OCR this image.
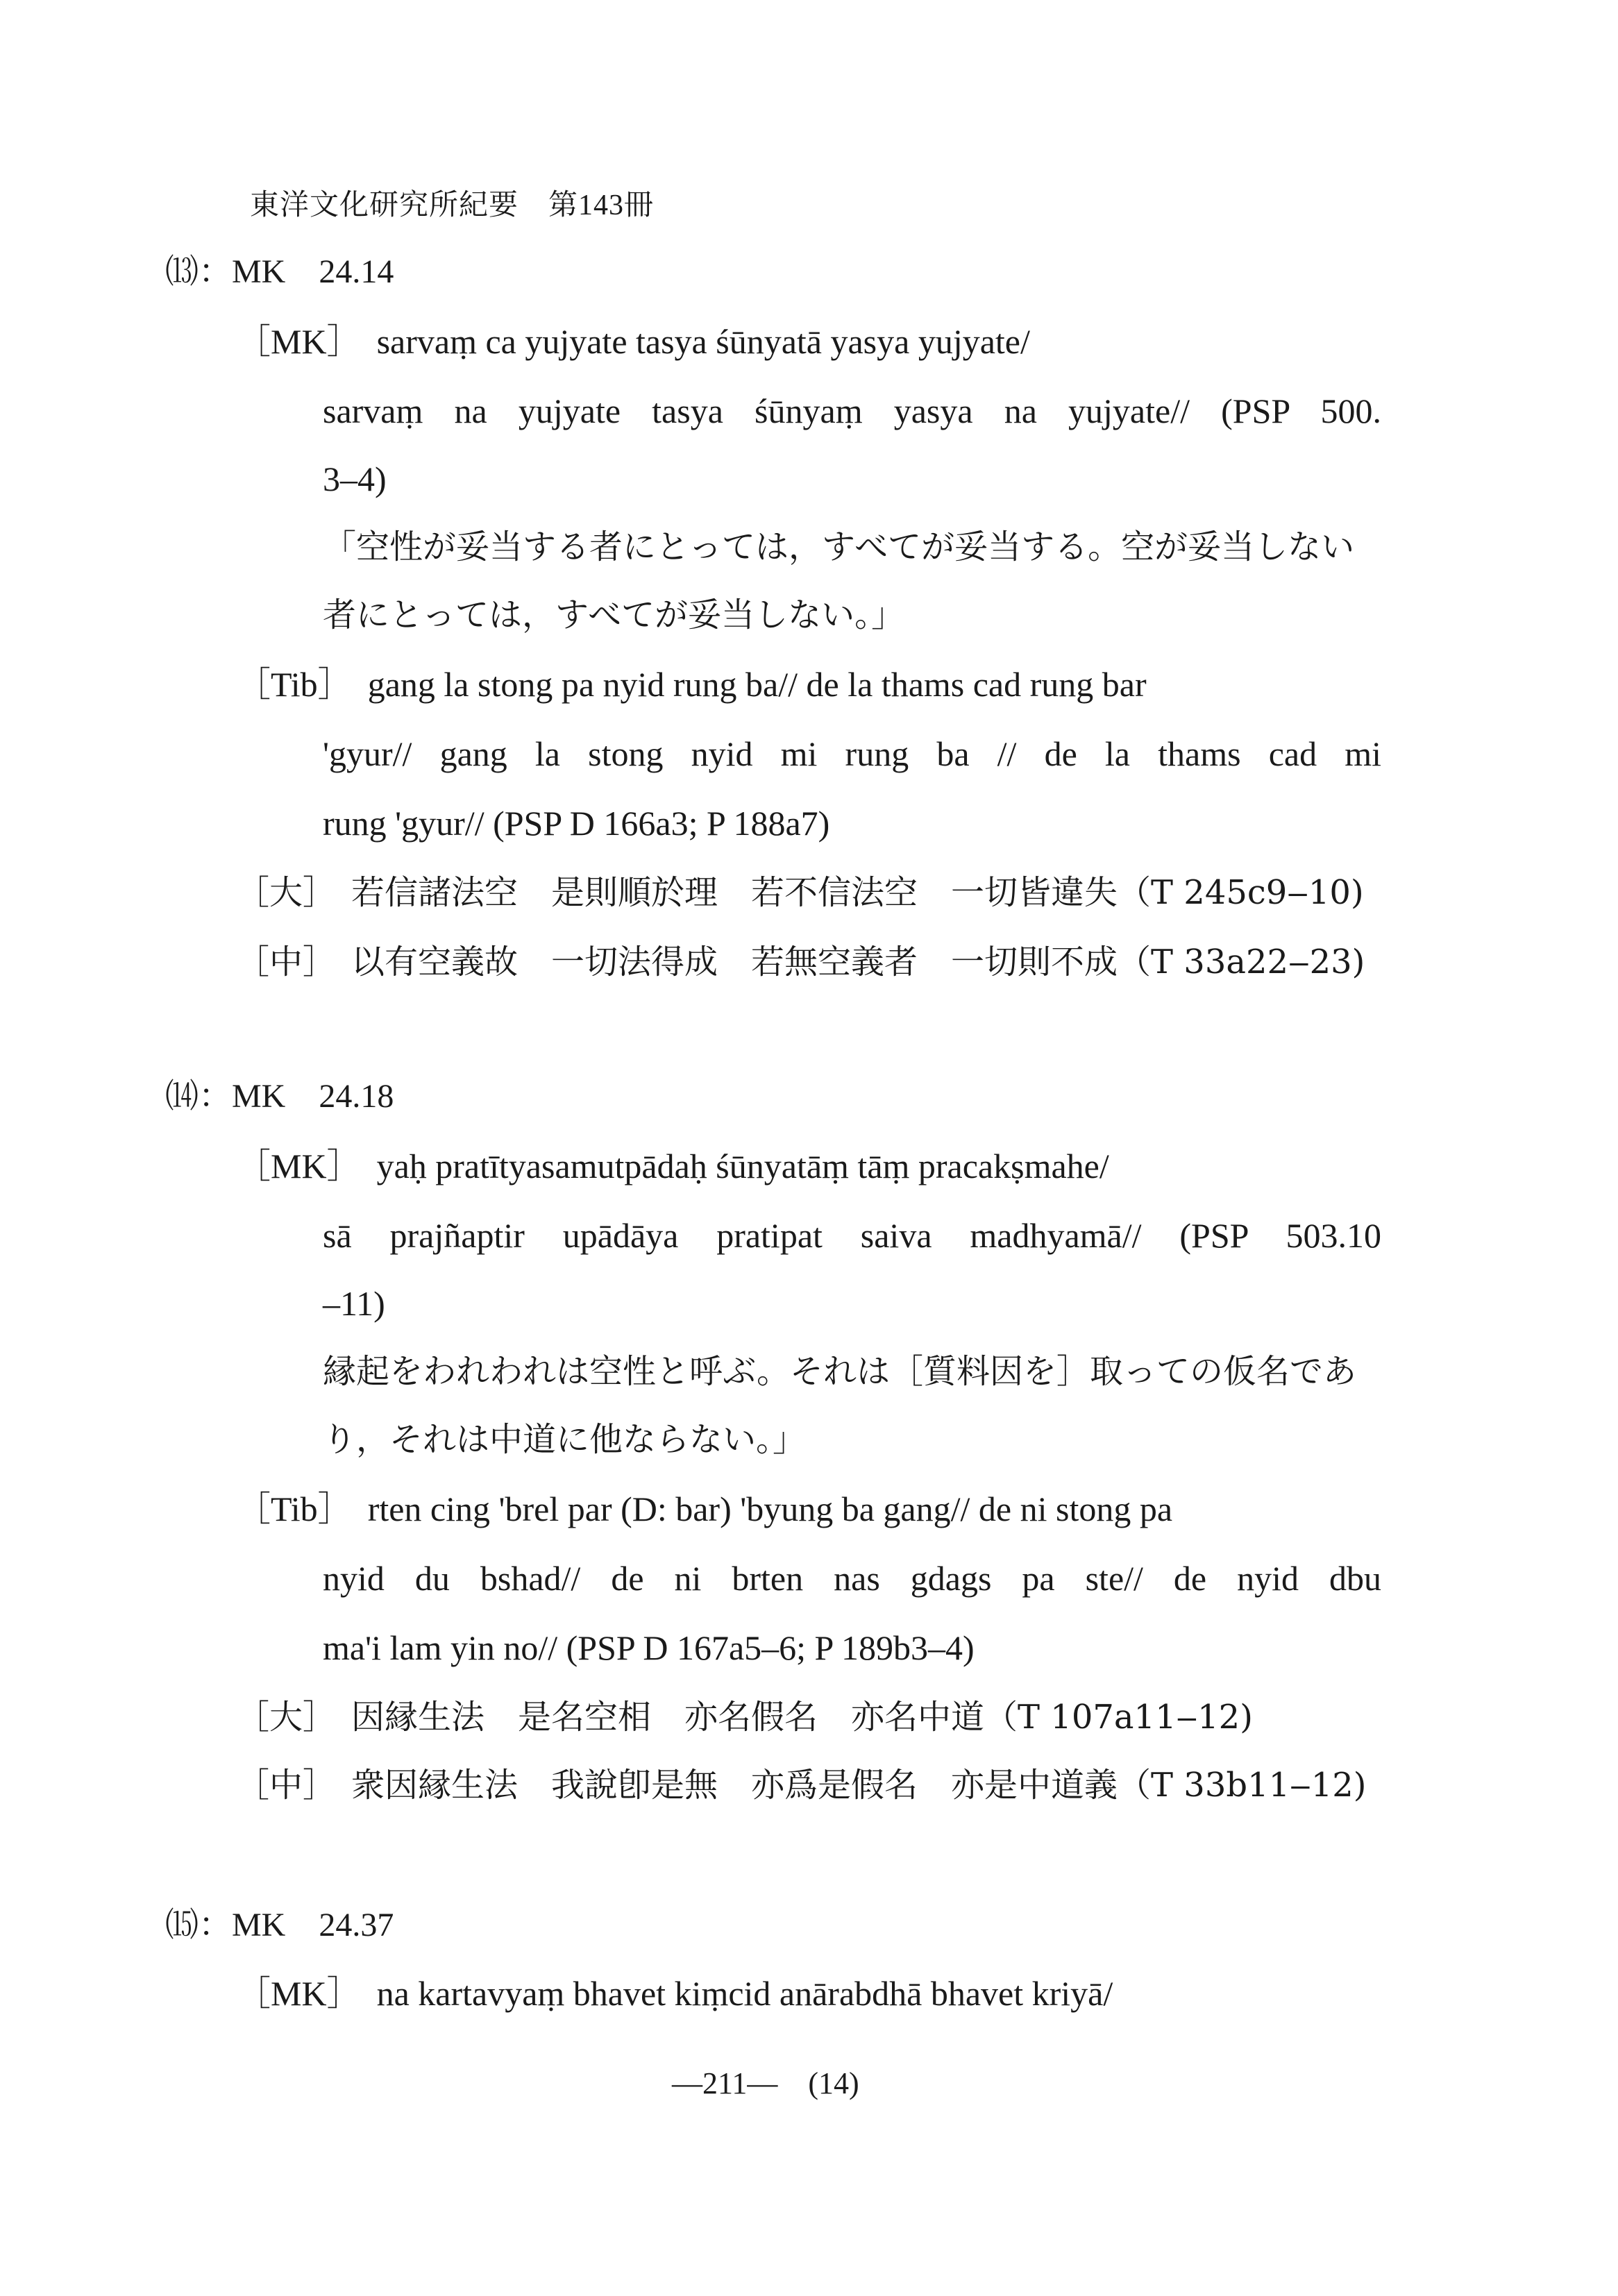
東洋文化研究所紀要　第143冊
⒀：MK　24.14
［MK］ sarvaṃ ca yujyate tasya śūnyatā yasya yujyate/
sarvaṃ na yujyate tasya śūnyaṃ yasya na yujyate// (PSP 500.
3‒4)
「空性が妥当する者にとっては，すべてが妥当する。空が妥当しない
者にとっては，すべてが妥当しない。」
［Tib］ gang la stong pa nyid rung ba// de la thams cad rung bar
'gyur// gang la stong nyid mi rung ba // de la thams cad mi
rung 'gyur// (PSP D 166a3; P 188a7)
［大］ 若信諸法空　是則順於理　若不信法空　一切皆違失（T 245c9‒10)
［中］ 以有空義故　一切法得成　若無空義者　一切則不成（T 33a22‒23)
⒁：MK　24.18
［MK］ yaḥ pratītyasamutpādaḥ śūnyatāṃ tāṃ pracakṣmahe/
sā prajñaptir upādāya pratipat saiva madhyamā// (PSP 503.10
‒11)
縁起をわれわれは空性と呼ぶ。それは［質料因を］取っての仮名であ
り，それは中道に他ならない。」
［Tib］ rten cing 'brel par (D: bar) 'byung ba gang// de ni stong pa
nyid du bshad// de ni brten nas gdags pa ste// de nyid dbu
ma'i lam yin no// (PSP D 167a5‒6; P 189b3‒4)
［大］ 因縁生法　是名空相　亦名假名　亦名中道（T 107a11‒12)
［中］ 衆因縁生法　我說卽是無　亦爲是假名　亦是中道義（T 33b11‒12)
⒂：MK　24.37
［MK］ na kartavyaṃ bhavet kiṃcid anārabdhā bhavet kriyā/
―211―　(14)
